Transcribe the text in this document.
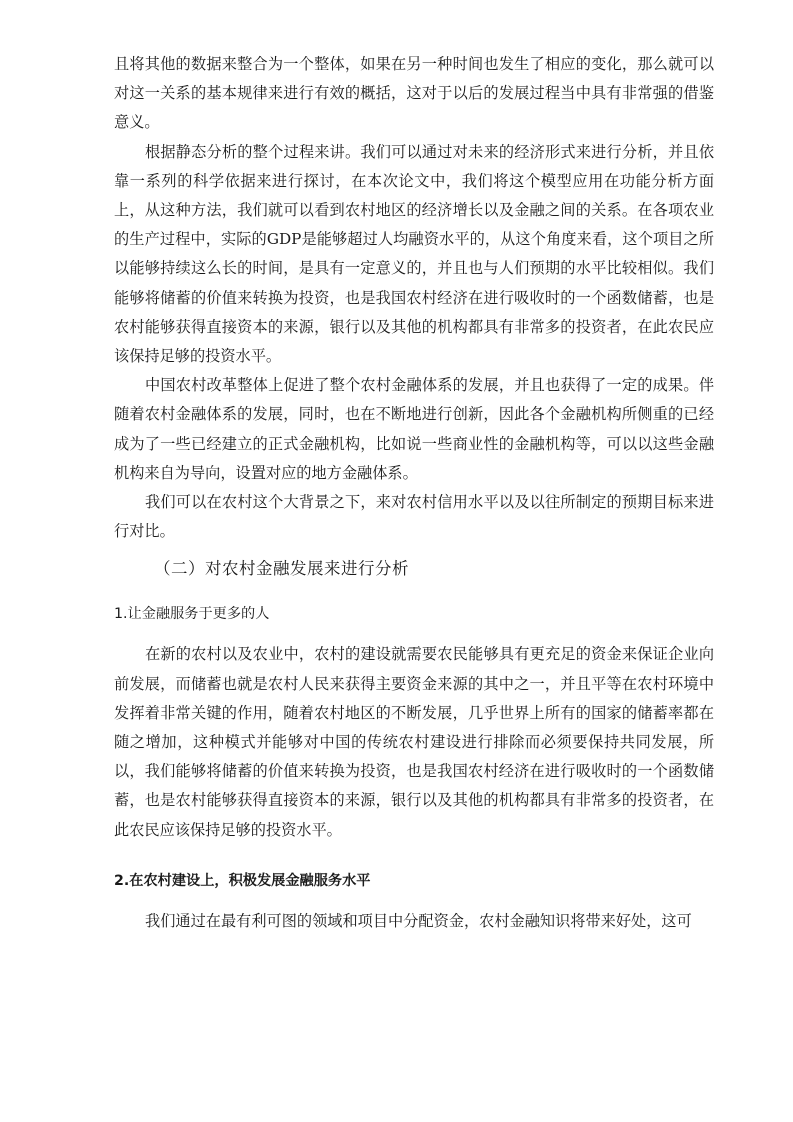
且将其他的数据来整合为一个整体，如果在另一种时间也发生了相应的变化，那么就可以对这一关系的基本规律来进行有效的概括，这对于以后的发展过程当中具有非常强的借鉴意义。

根据静态分析的整个过程来讲。我们可以通过对未来的经济形式来进行分析，并且依靠一系列的科学依据来进行探讨，在本次论文中，我们将这个模型应用在功能分析方面上，从这种方法，我们就可以看到农村地区的经济增长以及金融之间的关系。在各项农业的生产过程中，实际的GDP是能够超过人均融资水平的，从这个角度来看，这个项目之所以能够持续这么长的时间，是具有一定意义的，并且也与人们预期的水平比较相似。我们能够将储蓄的价值来转换为投资，也是我国农村经济在进行吸收时的一个函数储蓄，也是农村能够获得直接资本的来源，银行以及其他的机构都具有非常多的投资者，在此农民应该保持足够的投资水平。

中国农村改革整体上促进了整个农村金融体系的发展，并且也获得了一定的成果。伴随着农村金融体系的发展，同时，也在不断地进行创新，因此各个金融机构所侧重的已经成为了一些已经建立的正式金融机构，比如说一些商业性的金融机构等，可以以这些金融机构来自为导向，设置对应的地方金融体系。

我们可以在农村这个大背景之下，来对农村信用水平以及以往所制定的预期目标来进行对比。

（二）对农村金融发展来进行分析
1.让金融服务于更多的人

在新的农村以及农业中，农村的建设就需要农民能够具有更充足的资金来保证企业向前发展，而储蓄也就是农村人民来获得主要资金来源的其中之一，并且平等在农村环境中发挥着非常关键的作用，随着农村地区的不断发展，几乎世界上所有的国家的储蓄率都在随之增加，这种模式并能够对中国的传统农村建设进行排除而必须要保持共同发展，所以，我们能够将储蓄的价值来转换为投资，也是我国农村经济在进行吸收时的一个函数储蓄，也是农村能够获得直接资本的来源，银行以及其他的机构都具有非常多的投资者，在此农民应该保持足够的投资水平。

2.在农村建设上，积极发展金融服务水平

我们通过在最有利可图的领域和项目中分配资金，农村金融知识将带来好处，这可
